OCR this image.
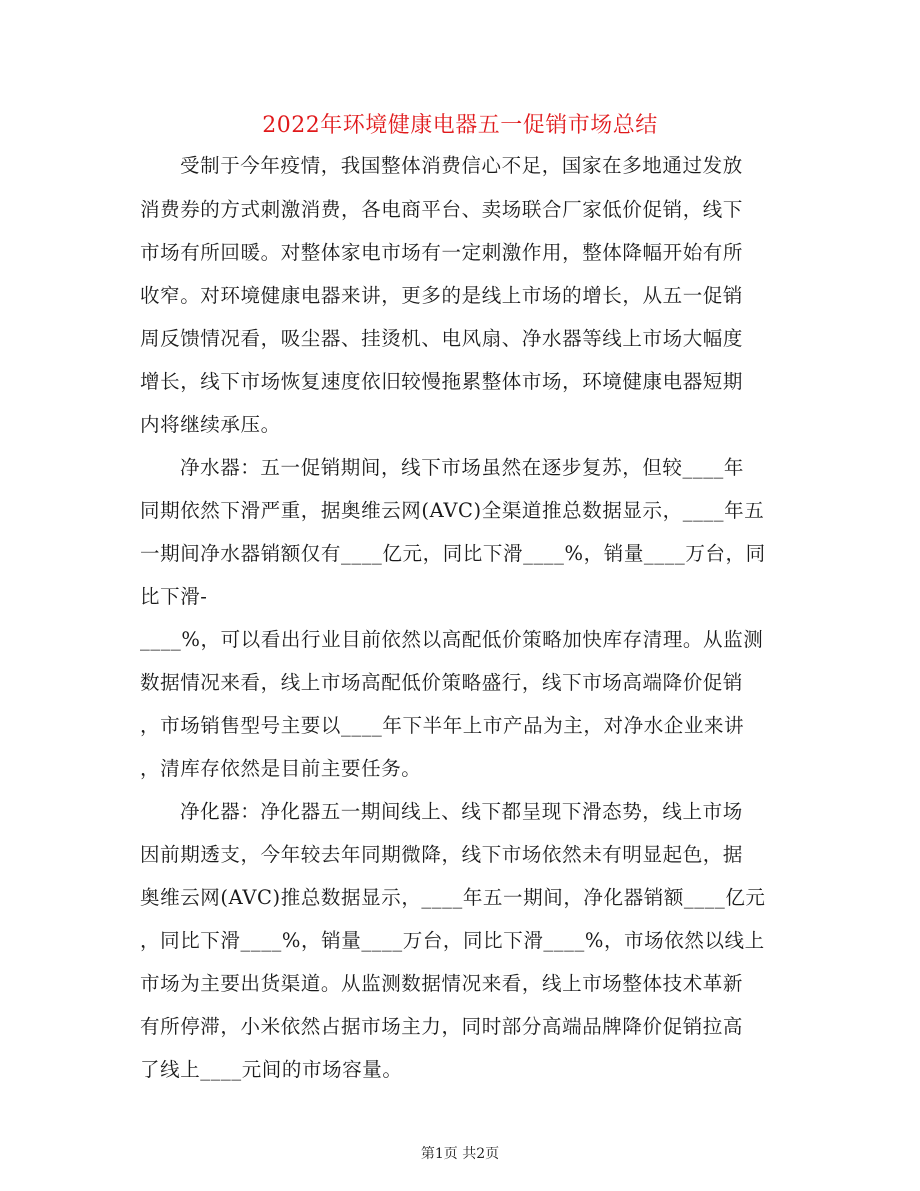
2022年环境健康电器五一促销市场总结
受制于今年疫情，我国整体消费信心不足，国家在多地通过发放
消费券的方式刺激消费，各电商平台、卖场联合厂家低价促销，线下
市场有所回暖。对整体家电市场有一定刺激作用，整体降幅开始有所
收窄。对环境健康电器来讲，更多的是线上市场的增长，从五一促销
周反馈情况看，吸尘器、挂烫机、电风扇、净水器等线上市场大幅度
增长，线下市场恢复速度依旧较慢拖累整体市场，环境健康电器短期
内将继续承压。
净水器：五一促销期间，线下市场虽然在逐步复苏，但较____年
同期依然下滑严重，据奥维云网(AVC)全渠道推总数据显示，____年五
一期间净水器销额仅有____亿元，同比下滑____%，销量____万台，同
比下滑-
____%，可以看出行业目前依然以高配低价策略加快库存清理。从监测
数据情况来看，线上市场高配低价策略盛行，线下市场高端降价促销
，市场销售型号主要以____年下半年上市产品为主，对净水企业来讲
，清库存依然是目前主要任务。
净化器：净化器五一期间线上、线下都呈现下滑态势，线上市场
因前期透支，今年较去年同期微降，线下市场依然未有明显起色，据
奥维云网(AVC)推总数据显示，____年五一期间，净化器销额____亿元
，同比下滑____%，销量____万台，同比下滑____%，市场依然以线上
市场为主要出货渠道。从监测数据情况来看，线上市场整体技术革新
有所停滞，小米依然占据市场主力，同时部分高端品牌降价促销拉高
了线上____元间的市场容量。
第1页 共2页
